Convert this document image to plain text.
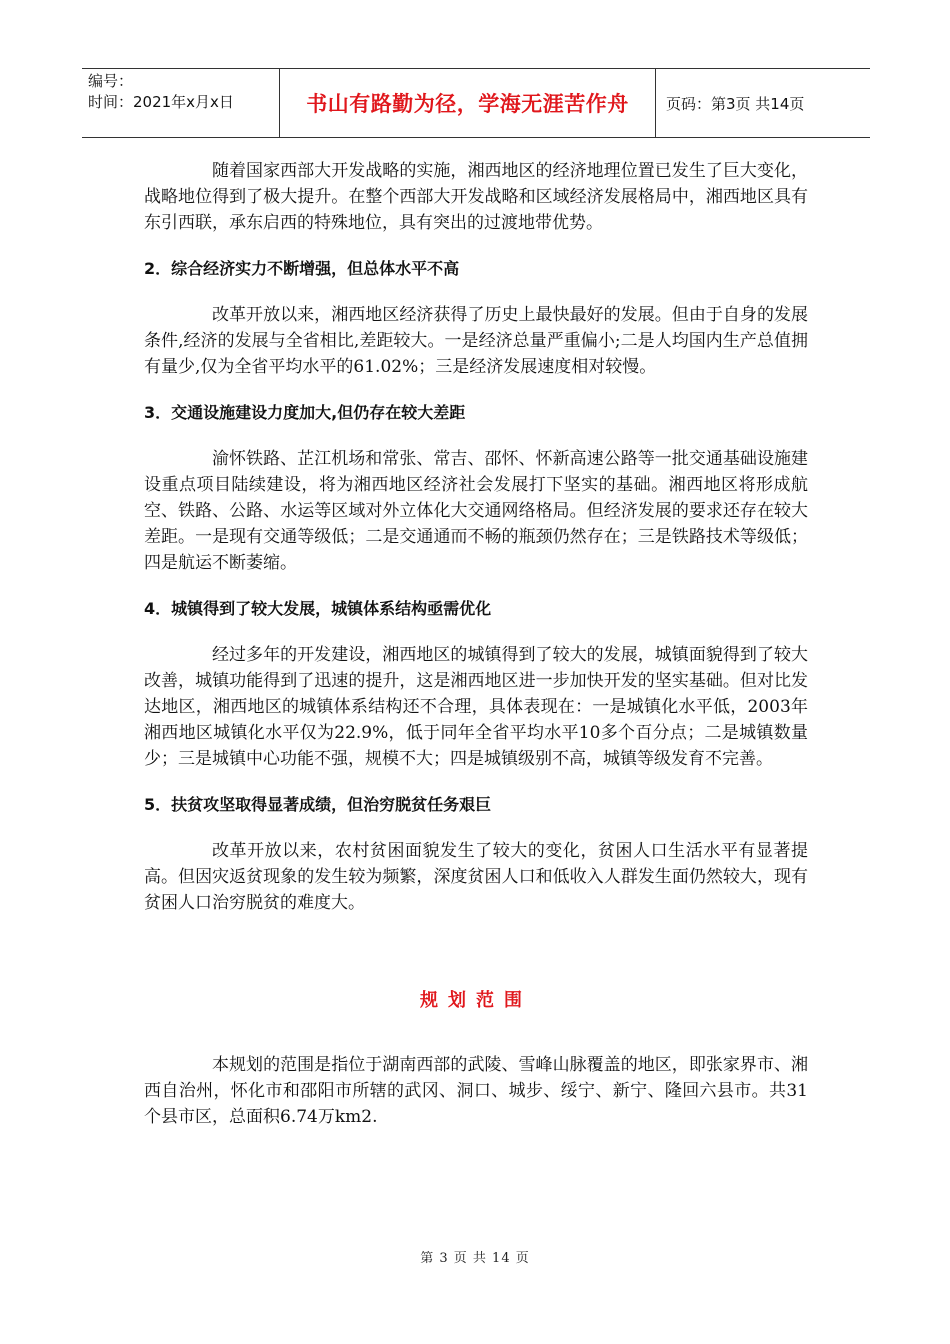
编号：
时间：2021年x月x日	书山有路勤为径，学海无涯苦作舟	页码：第3页 共14页

随着国家西部大开发战略的实施，湘西地区的经济地理位置已发生了巨大变化，战略地位得到了极大提升。在整个西部大开发战略和区域经济发展格局中，湘西地区具有东引西联，承东启西的特殊地位，具有突出的过渡地带优势。

2．综合经济实力不断增强，但总体水平不高

改革开放以来，湘西地区经济获得了历史上最快最好的发展。但由于自身的发展条件,经济的发展与全省相比,差距较大。一是经济总量严重偏小;二是人均国内生产总值拥有量少,仅为全省平均水平的61.02%；三是经济发展速度相对较慢。

3．交通设施建设力度加大,但仍存在较大差距

渝怀铁路、芷江机场和常张、常吉、邵怀、怀新高速公路等一批交通基础设施建设重点项目陆续建设，将为湘西地区经济社会发展打下坚实的基础。湘西地区将形成航空、铁路、公路、水运等区域对外立体化大交通网络格局。但经济发展的要求还存在较大差距。一是现有交通等级低；二是交通通而不畅的瓶颈仍然存在；三是铁路技术等级低；四是航运不断萎缩。

4．城镇得到了较大发展，城镇体系结构亟需优化

经过多年的开发建设，湘西地区的城镇得到了较大的发展，城镇面貌得到了较大改善，城镇功能得到了迅速的提升，这是湘西地区进一步加快开发的坚实基础。但对比发达地区，湘西地区的城镇体系结构还不合理，具体表现在：一是城镇化水平低，2003年湘西地区城镇化水平仅为22.9%，低于同年全省平均水平10多个百分点；二是城镇数量少；三是城镇中心功能不强，规模不大；四是城镇级别不高，城镇等级发育不完善。

5．扶贫攻坚取得显著成绩，但治穷脱贫任务艰巨

改革开放以来，农村贫困面貌发生了较大的变化，贫困人口生活水平有显著提高。但因灾返贫现象的发生较为频繁，深度贫困人口和低收入人群发生面仍然较大，现有贫困人口治穷脱贫的难度大。

规划范围

本规划的范围是指位于湖南西部的武陵、雪峰山脉覆盖的地区，即张家界市、湘西自治州，怀化市和邵阳市所辖的武冈、洞口、城步、绥宁、新宁、隆回六县市。共31个县市区，总面积6.74万km2.

第 3 页 共 14 页
